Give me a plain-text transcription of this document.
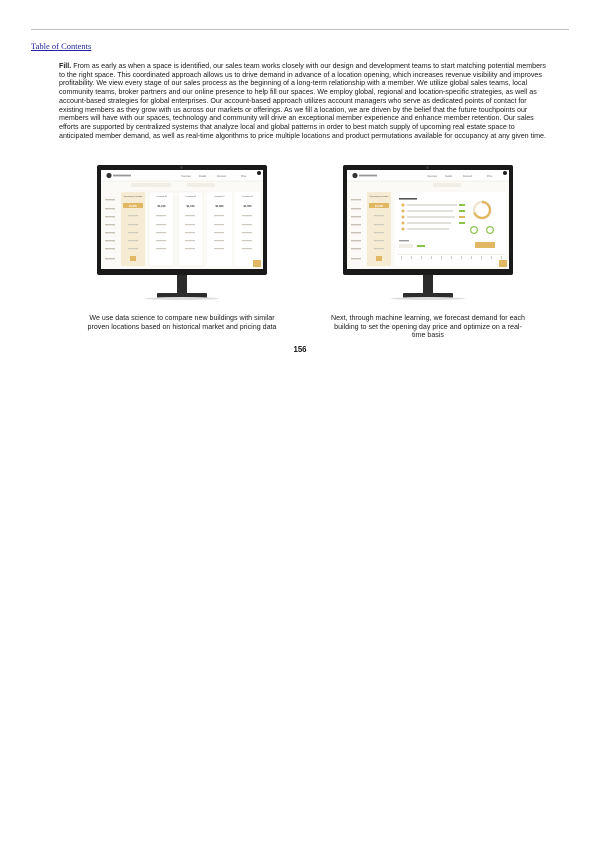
Table of Contents

Fill. From as early as when a space is identified, our sales team works closely with our design and development teams to start matching potential members to the right space. This coordinated approach allows us to drive demand in advance of a location opening, which increases revenue visibility and improves profitability. We view every stage of our sales process as the beginning of a long-term relationship with a member. We utilize global sales teams, local community teams, broker partners and our online presence to help fill our spaces. We employ global, regional and location-specific strategies, as well as account-based strategies for global enterprises. Our account-based approach utilizes account managers who serve as dedicated points of contact for existing members as they grow with us across our markets or offerings. As we fill a location, we are driven by the belief that the future touchpoints our members will have with our spaces, technology and community will drive an exceptional member experience and enhance member retention. Our sales efforts are supported by centralized systems that analyze local and global patterns in order to best match supply of upcoming real estate space to anticipated member demand, as well as real-time algorithms to price multiple locations and product permutations available for occupancy at any given time.

Overview	Details	Demand	Price
$1,050
Upcoming Location	Location A
$1,210
Location B
$1,100
Location C
$1,800
Location D
$1,050
Overview	Details	Demand	Price
Upcoming Location
$1,050

We use data science to compare new buildings with similar proven locations based on historical market and pricing data

Next, through machine learning, we forecast demand for each building to set the opening day price and optimize on a real-time basis

156
